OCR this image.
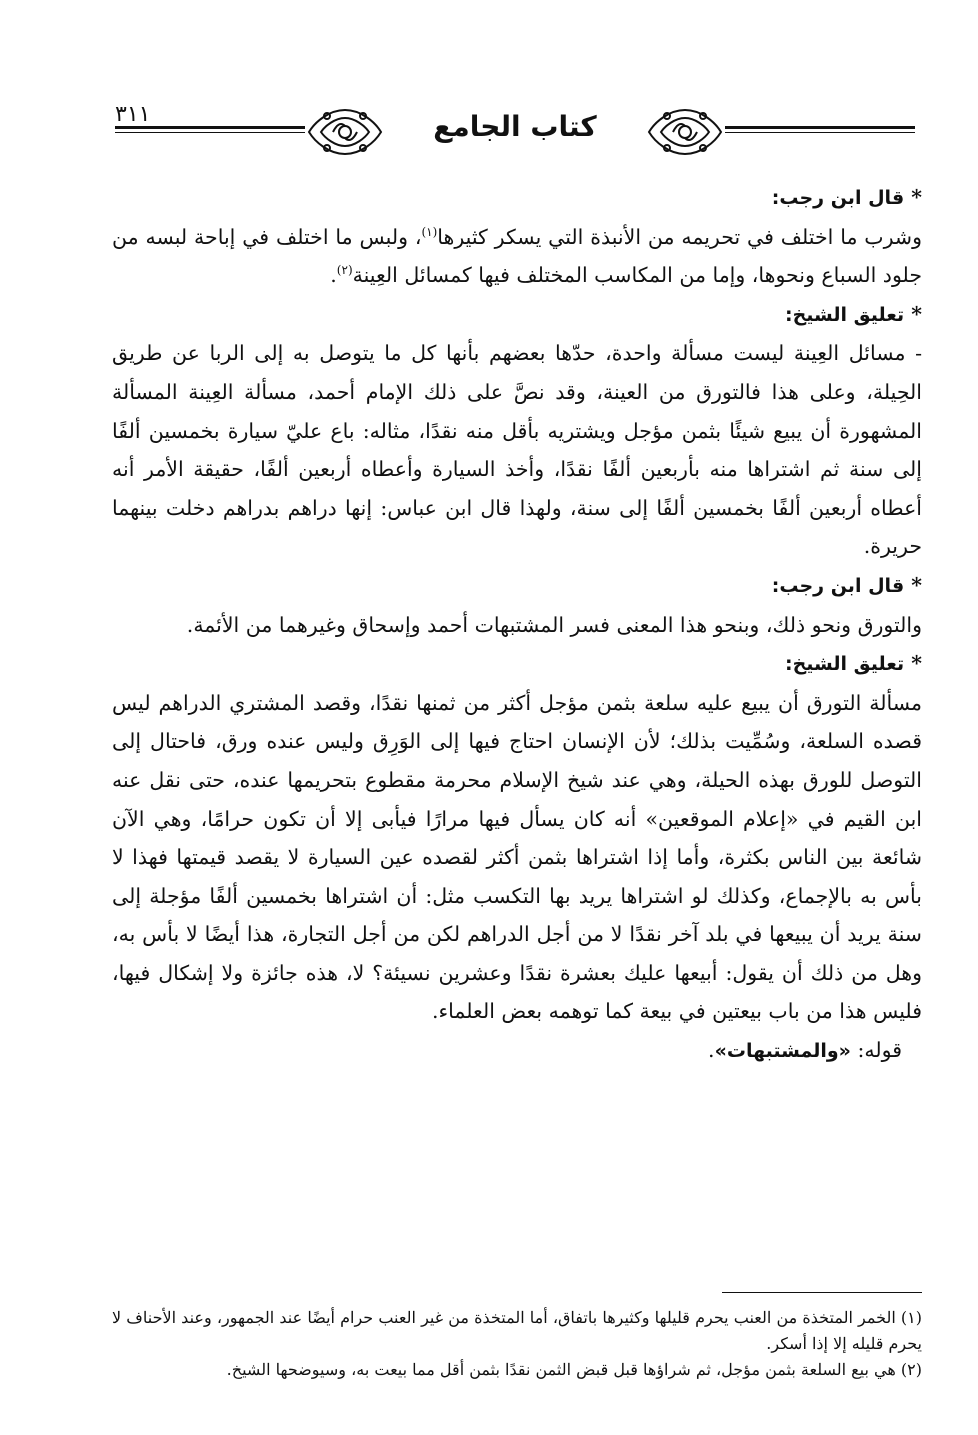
٣١١	كتاب الجامع

* قال ابن رجب:

وشرب ما اختلف في تحريمه من الأنبذة التي يسكر كثيرها$^{(١)}$، ولبس ما اختلف في إباحة لبسه من جلود السباع ونحوها، وإما من المكاسب المختلف فيها كمسائل العِينة$^{(٢)}$.

* تعليق الشيخ:

- مسائل العِينة ليست مسألة واحدة، حدّها بعضهم بأنها كل ما يتوصل به إلى الربا عن طريق الحِيلة، وعلى هذا فالتورق من العينة، وقد نصَّ على ذلك الإمام أحمد، مسألة العِينة المسألة المشهورة أن يبيع شيئًا بثمن مؤجل ويشتريه بأقل منه نقدًا، مثاله: باع عليّ سيارة بخمسين ألفًا إلى سنة ثم اشتراها منه بأربعين ألفًا نقدًا، وأخذ السيارة وأعطاه أربعين ألفًا، حقيقة الأمر أنه أعطاه أربعين ألفًا بخمسين ألفًا إلى سنة، ولهذا قال ابن عباس: إنها دراهم بدراهم دخلت بينهما حريرة.

* قال ابن رجب:

والتورق ونحو ذلك، وبنحو هذا المعنى فسر المشتبهات أحمد وإسحاق وغيرهما من الأئمة.

* تعليق الشيخ:

مسألة التورق أن يبيع عليه سلعة بثمن مؤجل أكثر من ثمنها نقدًا، وقصد المشتري الدراهم ليس قصده السلعة، وسُمِّيت بذلك؛ لأن الإنسان احتاج فيها إلى الوَرِق وليس عنده ورق، فاحتال إلى التوصل للورق بهذه الحيلة، وهي عند شيخ الإسلام محرمة مقطوع بتحريمها عنده، حتى نقل عنه ابن القيم في «إعلام الموقعين» أنه كان يسأل فيها مرارًا فيأبى إلا أن تكون حرامًا، وهي الآن شائعة بين الناس بكثرة، وأما إذا اشتراها بثمن أكثر لقصده عين السيارة لا يقصد قيمتها فهذا لا بأس به بالإجماع، وكذلك لو اشتراها يريد بها التكسب مثل: أن اشتراها بخمسين ألفًا مؤجلة إلى سنة يريد أن يبيعها في بلد آخر نقدًا لا من أجل الدراهم لكن من أجل التجارة، هذا أيضًا لا بأس به، وهل من ذلك أن يقول: أبيعها عليك بعشرة نقدًا وعشرين نسيئة؟ لا، هذه جائزة ولا إشكال فيها، فليس هذا من باب بيعتين في بيعة كما توهمه بعض العلماء.

قوله: «والمشتبهات».

(١) الخمر المتخذة من العنب يحرم قليلها وكثيرها باتفاق، أما المتخذة من غير العنب حرام أيضًا عند الجمهور، وعند الأحناف لا يحرم قليله إلا إذا أسكر.

(٢) هي بيع السلعة بثمن مؤجل، ثم شراؤها قبل قبض الثمن نقدًا بثمن أقل مما بيعت به، وسيوضحها الشيخ.
